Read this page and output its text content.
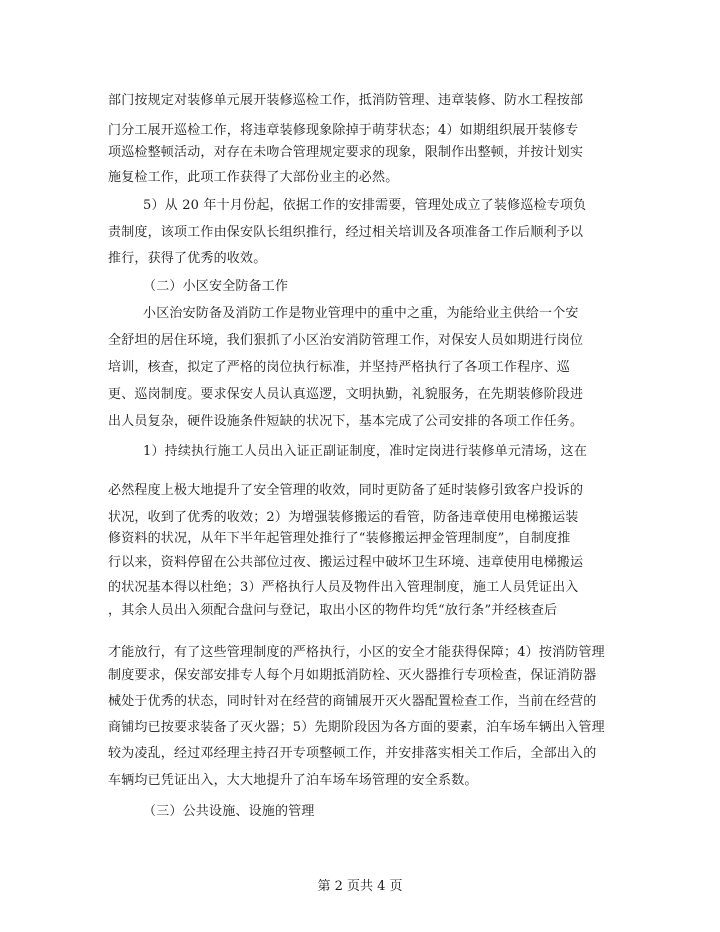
部门按规定对装修单元展开装修巡检工作，抵消防管理、违章装修、防水工程按部
门分工展开巡检工作，将违章装修现象除掉于萌芽状态；4）如期组织展开装修专
项巡检整顿活动，对存在未吻合管理规定要求的现象，限制作出整顿，并按计划实
施复检工作，此项工作获得了大部份业主的必然。
5）从 20 年十月份起，依据工作的安排需要，管理处成立了装修巡检专项负
责制度，该项工作由保安队长组织推行，经过相关培训及各项准备工作后顺利予以
推行，获得了优秀的收效。
（二）小区安全防备工作
小区治安防备及消防工作是物业管理中的重中之重，为能给业主供给一个安
全舒坦的居住环境，我们狠抓了小区治安消防管理工作，对保安人员如期进行岗位
培训，核查，拟定了严格的岗位执行标准，并坚持严格执行了各项工作程序、巡
更、巡岗制度。要求保安人员认真巡逻，文明执勤，礼貌服务，在先期装修阶段进
出人员复杂，硬件设施条件短缺的状况下，基本完成了公司安排的各项工作任务。
1）持续执行施工人员出入证正副证制度，准时定岗进行装修单元清场，这在
必然程度上极大地提升了安全管理的收效，同时更防备了延时装修引致客户投诉的
状况，收到了优秀的收效；2）为增强装修搬运的看管，防备违章使用电梯搬运装
修资料的状况，从年下半年起管理处推行了“装修搬运押金管理制度”，自制度推
行以来，资料停留在公共部位过夜、搬运过程中破坏卫生环境、违章使用电梯搬运
的状况基本得以杜绝；3）严格执行人员及物件出入管理制度，施工人员凭证出入
，其余人员出入须配合盘问与登记，取出小区的物件均凭“放行条”并经核查后
才能放行，有了这些管理制度的严格执行，小区的安全才能获得保障；4）按消防管理
制度要求，保安部安排专人每个月如期抵消防栓、灭火器推行专项检查，保证消防器
械处于优秀的状态，同时针对在经营的商铺展开灭火器配置检查工作，当前在经营的
商铺均已按要求装备了灭火器；5）先期阶段因为各方面的要素，泊车场车辆出入管理
较为凌乱，经过邓经理主持召开专项整顿工作，并安排落实相关工作后，全部出入的
车辆均已凭证出入，大大地提升了泊车场车场管理的安全系数。
（三）公共设施、设施的管理
第 2 页共 4 页
